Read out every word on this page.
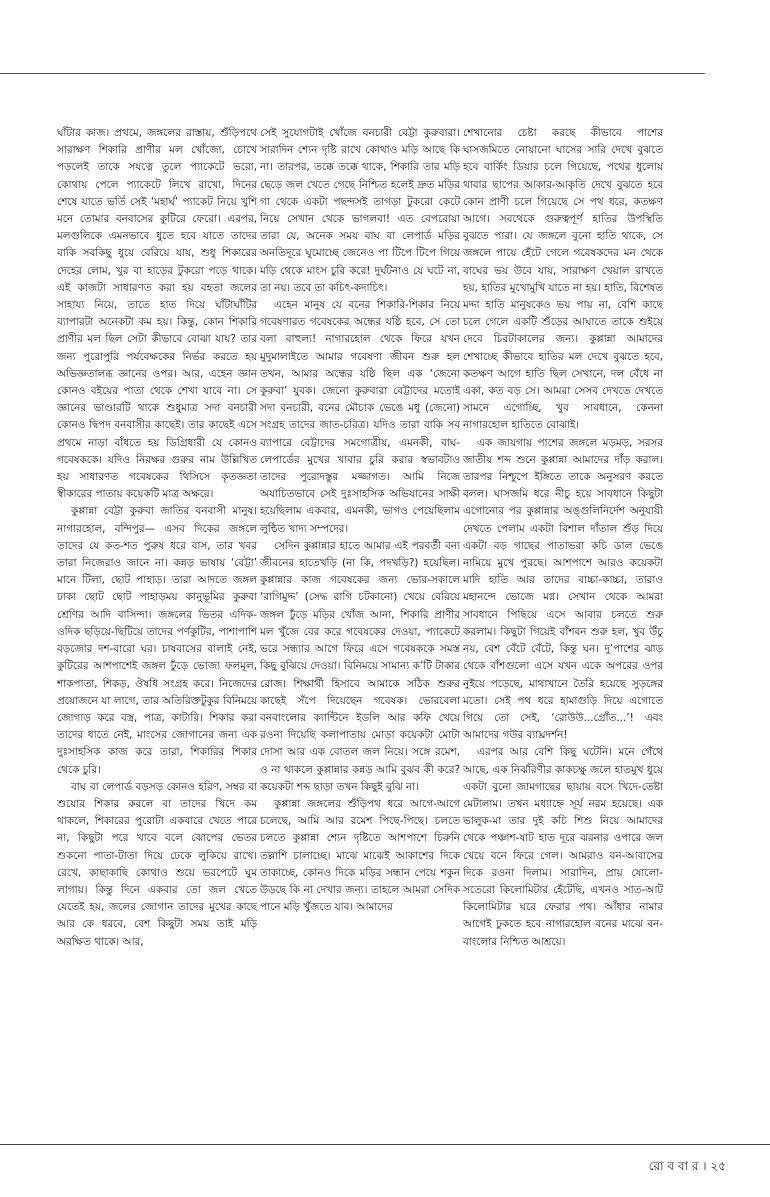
ঘাঁটার কাজ। প্রথমে, জঙ্গলের রাস্তায়, শুঁড়িপথে সারাক্ষণ শিকারি প্রাণীর মল খোঁজো, চোখে পড়লেই তাকে সযত্নে তুলে প্যাকেটে ভরো, কোথায় পেলে প্যাকেটে লিখে রাখো, দিনের শেষে যাতে ভর্তি সেই ‘মহার্ঘ’ প্যাকেট নিয়ে খুশি মনে তোমার বনবাসের কুটিরে ফেরো। এরপর, মলগুলিকে এমনভাবে ধুতে হবে যাতে তাদের বাকি সবকিছু ধুয়ে বেরিয়ে যায়, শুধু শিকারের দেহের লোম, খুর বা হাড়ের টুকরো পড়ে থাকে। এই কাজটা সাধারণত করা হয় বহতা জলের সাহায্য নিয়ে, তাতে হাত দিয়ে ঘাঁটাঘাঁটির ব্যাপারটা অনেকটা কম হয়। কিন্তু, কোন শিকারি প্রাণীর মল ছিল সেটা কীভাবে বোঝা যায়? তার জন্য পুরোপুরি পর্যবেক্ষকের নির্ভর করতে হয় অভিজ্ঞতালব্ধ জ্ঞানের ওপর। আর, এহেন জ্ঞান কোনও বইয়ের পাতা থেকে শেখা যাবে না। সে জ্ঞানের ভাণ্ডারটি থাকে শুধুমাত্র সদা বনচারী কোনও দ্বিপদ বনবাসীর কাছেই। তার কাছেই এসে প্রথমে নাড়া বাঁধতে হয় ডিগ্রিধারী যে কোনও গবেষককে। যদিও নিরক্ষর গুরুর নাম উল্লিখিত হয় সাধারণত গবেষকের থিসিসে কৃতজ্ঞতা স্বীকারের পাতায় কয়েকটি মাত্র অক্ষরে।

কুপ্পান্না বেট্টা কুরুবা জাতির বনবাসী মানুষ। নাগারহোল, বন্দিপুর— এসব দিকের জঙ্গলে তাদের যে কত-শত পুরুষ ধরে বাস, তার খবর তারা নিজেরাও জানে না। কন্নড় ভাষায় ‘বেট্টা’ মানে টিলা, ছোট পাহাড়। তারা আদতে জঙ্গল ঢাকা ছোট ছোট পাহাড়ময় কানুভূমির কুরুবা শ্রেণির আদি বাসিন্দা। জঙ্গলের ভিতর এদিক-ওদিক ছড়িয়ে-ছিটিয়ে তাদের পর্ণকুটির, পাশাপাশি বড়জোর দশ-বারো ঘর। চাষবাসের বালাই নেই, কুটিরের আশপাশেই জঙ্গল ঢুঁড়ে ভোজ্য ফলমূল, শাকপাতা, শিকড়, ঔষধি সংগ্রহ করে। নিজেদের প্রয়োজনে যা লাগে, তার অতিরিক্তটুকুর বিনিময়ে জোগাড় করে বস্ত্র, পাত্র, কাটারি। শিকার করা তাদের ধাতে নেই, মাংসের জোগানের জন্য এক দুঃসাহসিক কাজ করে তারা, শিকারির শিকার থেকে চুরি।

বাঘ বা লেপার্ড বড়সড় কোনও হরিণ, সম্বর বা শুয়োর শিকার করলে বা তাদের খিদে কম থাকলে, শিকারের পুরোটা একবারে খেতে পারে না, কিছুটা পরে খাবে বলে ঝোপের ভেতর শুকনো পাতা-টাতা দিয়ে ঢেকে লুকিয়ে রাখে। রেখে, কাছাকাছি কোথাও শুয়ে ভরপেটে ঘুম লাগায়। কিন্তু দিনে একবার তো জল খেতে যেতেই হয়, জলের জোগান তাদের মুখের কাছে আর কে ধরবে, বেশ কিছুটা সময় তাই মড়ি অরক্ষিত থাকে। আর,

সেই সুযোগটাই খোঁজে বনচারী বেট্টা কুরুবারা। সারাদিন শ্যেন দৃষ্টি রাখে কোথাও মড়ি আছে কি না। তারপর, তক্কে তক্কে থাকে, শিকারি তার মড়ি ছেড়ে জল খেতে গেছে নিশ্চিত হলেই দ্রুত মড়ির গা থেকে একটা পছন্দসই তাগড়া টুকরো কেটে নিয়ে সেখান থেকে ভাগলবা! এত বেপরোয়া তারা যে, অনেক সময় বাঘ বা লেপার্ড মড়ির অনতিদূরে ঘুমোচ্ছে জেনেও পা টিপে টিপে গিয়ে মড়ি থেকে মাংস চুরি করে! দুর্ঘটনাও যে ঘটে না, তা নয়। তবে তা কচিৎ-কদাচিৎ।

এহেন মানুষ যে বনের শিকারি-শিকার নিয়ে গবেষণারত গবেষকের অন্ধের যষ্ঠি হবে, সে তো বলা বাহুল্য! নাগারহোল থেকে ফিরে যখন মুদুমালাইতে আমার গবেষণা জীবন শুরু হল তখন, আমার অন্ধের যষ্ঠি ছিল এক ‘জেনো কুরুবা’ যুবক। জেনো কুরুবারা বেট্টাদের মতোই সদা বনচারী, বনের মৌচাক ভেঙে মধু (জেনো) সংগ্রহ তাদের জাত-চরিত্র। যদিও তারা বাকি সব ব্যাপারে বেট্টাদের সমগোত্রীয়, এমনকী, বাঘ-লেপার্ডের মুখের খাবার চুরি করার স্বভাবটাও তাদের পুরোদস্তুর মজ্জাগত। আমি নিজে অযাচিতভাবে সেই দুঃসাহসিক অভিযানের সাক্ষী হয়েছিলাম একবার, এমনকী, ভাগও পেয়েছিলাম লুন্ঠিত খাদ্য সম্পদের।

সেদিন কুপ্পান্নার হাতে আমার এই পরবর্তী বন্য জীবনের হাতেখড়ি (না কি, পদখড়ি?) হয়েছিল। কুপ্পান্নার কাজ গবেষকের জন্য ভোর-সকালে ‘রাগিমুদ্দ’ (সেদ্ধ রাগি চটকানো) খেয়ে বেরিয়ে জঙ্গল ঢুঁড়ে মড়ির খোঁজ আনা, শিকারি প্রাণীর মল খুঁজে বের করে গবেষকের দেওয়া, প্যাকেটে ভরে সন্ধ্যার আগে ফিরে এসে গবেষককে সমস্ত কিছু বুঝিয়ে দেওয়া। বিনিময়ে সামান্য ক’টি টাকার রোজ। শিক্ষার্থী হিসাবে আমাকে সঠিক শুরুর কাছেই সঁপে দিয়েছেন গবেষক। ভোরবেলা বনবাংলোর ক্যান্টিনে ইডলি আর কফি খেয়ে রওনা দিয়েছি কলাপাতায় মোড়া কয়েকটা মোটা দোসা আর এক বোতল জল নিয়ে। সঙ্গে রমেশ, ও না থাকলে কুপ্পান্নার কন্নড় আমি বুঝব কী করে? কয়েকটা শব্দ ছাড়া তখন কিছুই বুঝি না।

কুপ্পান্না জঙ্গলের শুঁড়িপথ ধরে আগে-আগে চলেছে, আমি আর রমেশ পিছে-পিছে। চলতে চলতে কুপ্পান্না শ্যেন দৃষ্টিতে আশপাশে চিরুনি তল্লাশি চালাচ্ছে। মাঝে মাঝেই আকাশের দিকে তাকাচ্ছে, কোনও দিকে মড়ির সন্ধান পেয়ে শকুন উড়ছে কি না দেখার জন্য। তাহলে আমরা সেদিক পানে মড়ি খুঁজতে যাব। আমাদের

শেখানোর চেষ্টা করছে কীভাবে পাশের ঘাসজমিতে নোয়ানো ঘাসের সারি দেখে বুঝতে হবে বার্কিং ডিয়ার চলে গিয়েছে, পথের ধুলোয় থাবার ছাপের আকার-আকৃতি দেখে বুঝতে হবে কোন প্রাণী চলে গিয়েছে সে পথ ধরে, কতক্ষণ আগে। সবথেকে গুরুত্বপূর্ণ হাতির উপস্থিতি বুঝতে পারা। যে জঙ্গলে বুনো হাতি থাকে, সে জঙ্গলে পায়ে হেঁটে গেলে গবেষকদের মন থেকে বাঘের ভয় উবে যায়, সারাক্ষণ খেয়াল রাখতে হয়, হাতির মুখোমুখি যাতে না হয়। হাতি, বিশেষত মদ্দা হাতি মানুষকেও ভয় পায় না, বেশি কাছে চলে গেলে একটি শুঁড়ের আঘাতে তাকে শুইয়ে দেবে চিরটাকালের জন্য। কুপ্পান্না আমাদের শেখাচ্ছে কীভাবে হাতির মল দেখে বুঝতে হবে, কতক্ষণ আগে হাতি ছিল সেখানে, দল বেঁধে না একা, কত বড় সে। আমরা সেসব দেখতে দেখতে সামনে এগোচ্ছি, খুব সাবধানে, কেননা নাগারহোল হাতিতে বোঝাই।

এক জায়গায় পাশের জঙ্গলে মড়মড়, সরসর জাতীয় শব্দ শুনে কুপ্পান্না আমাদের দাঁড় করাল। তারপর নিশ্চুপে ইঙ্গিতে তাকে অনুসরণ করতে বলল। ঘাসজমি ধরে নীচু হয়ে সাবধানে কিছুটা এগোনোর পর কুপ্পান্নার অঙ্গুলিনির্দেশ অনুযায়ী দেখতে পেলাম একটা বিশাল দাঁতাল শুঁড় দিয়ে একটা বড় গাছের পাতাভরা কচি ডাল ভেঙে নামিয়ে মুখে পুরছে। আশপাশে আরও কয়েকটা মাদি হাতি আর তাদের বাচ্চা-কাচ্চা, তারাও মহানন্দে ভোজে মগ্ন। সেখান থেকে আমরা সাবধানে পিছিয়ে এসে আবার চলতে শুরু করলাম। কিছুটা গিয়েই বাঁশবন শুরু হল, খুব উঁচু নয়, বেশ বেঁটে বেঁটে, কিন্তু ঘন। দু’পাশের ঝাড় থেকে বাঁশগুলো এসে যখন একে অপরের ওপর নুইয়ে পড়েছে, মাথাখানে তৈরি হয়েছে সুড়ঙ্গের মতো। সেই পথ ধরে হামাগুড়ি দিয়ে এগোতে গিয়ে তো সেই, ‘রোউউ...গ্রোঁত...’! এবং আমাদের গউর ব্যাঘ্রদর্শন!

এরপর আর বেশি কিছু ঘটেনি। মনে গেঁথে আছে, এক নির্ঝরিণীর কাকচক্ষু জলে হাতমুখ ধুয়ে একটা বুনো জামগাছের ছায়ায় বসে খিদে-তেষ্টা মেটালাম। তখন মধ্যাহ্নে সূর্য নরম হয়েছে। এক ভালুক-মা তার দুই কচি শিশু নিয়ে আমাদের থেকে পঞ্চাশ-ষাট হাত দূরে ঝরনার ওপারে জল খেয়ে বনে ফিরে গেল। আমরাও বন-আবাসের দিকে রওনা দিলাম। সারাদিন, প্রায় ষোলো-সতেরো কিলোমিটার হেঁটেছি, এখনও সাত-আট কিলোমিটার ঘরে ফেরার পথ। আঁধার নামার আগেই ঢুকতে হবে নাগারহোল বনের মাঝে বন-বাংলোর নিশ্চিত আশ্রয়ে।

রো ব বা র । ২৫
